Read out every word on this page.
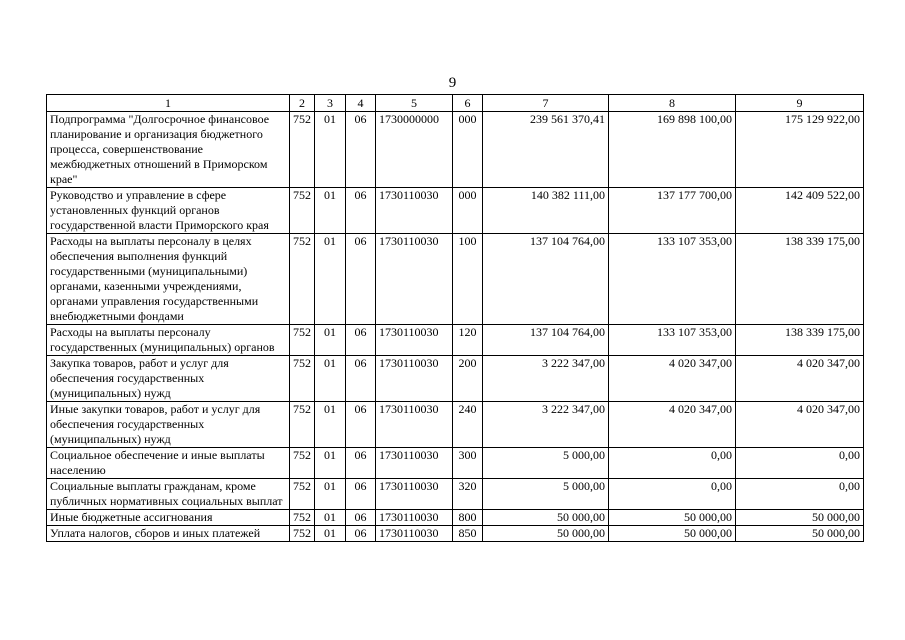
9
1	2	3	4	5	6	7	8	9
Подпрограмма "Долгосрочное финансовое планирование и организация бюджетного процесса, совершенствование межбюджетных отношений в Приморском крае"	752	01	06	1730000000	000	239 561 370,41	169 898 100,00	175 129 922,00
Руководство и управление в сфере установленных функций органов государственной власти Приморского края	752	01	06	1730110030	000	140 382 111,00	137 177 700,00	142 409 522,00
Расходы на выплаты персоналу в целях обеспечения выполнения функций государственными (муниципальными) органами, казенными учреждениями, органами управления государственными внебюджетными фондами	752	01	06	1730110030	100	137 104 764,00	133 107 353,00	138 339 175,00
Расходы на выплаты персоналу государственных (муниципальных) органов	752	01	06	1730110030	120	137 104 764,00	133 107 353,00	138 339 175,00
Закупка товаров, работ и услуг для обеспечения государственных (муниципальных) нужд	752	01	06	1730110030	200	3 222 347,00	4 020 347,00	4 020 347,00
Иные закупки товаров, работ и услуг для обеспечения государственных (муниципальных) нужд	752	01	06	1730110030	240	3 222 347,00	4 020 347,00	4 020 347,00
Социальное обеспечение и иные выплаты населению	752	01	06	1730110030	300	5 000,00	0,00	0,00
Социальные выплаты гражданам, кроме публичных нормативных социальных выплат	752	01	06	1730110030	320	5 000,00	0,00	0,00
Иные бюджетные ассигнования	752	01	06	1730110030	800	50 000,00	50 000,00	50 000,00
Уплата налогов, сборов и иных платежей	752	01	06	1730110030	850	50 000,00	50 000,00	50 000,00
